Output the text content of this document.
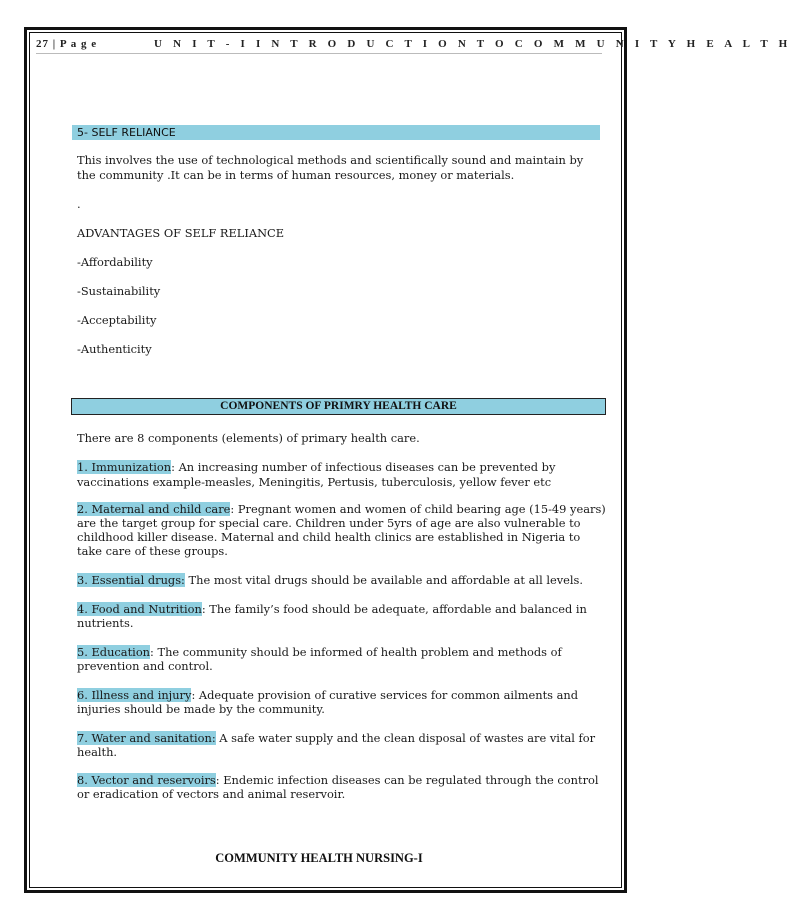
27 | P a g e	U N I T - I I N T R O D U C T I O N T O C O M M U N I T Y H E A L T H
5- SELF RELIANCE
This involves the use of technological methods and scientifically sound and maintain by
the community .It can be in terms of human resources, money or materials.
.
ADVANTAGES OF SELF RELIANCE
-Affordability
-Sustainability
-Acceptability
-Authenticity
COMPONENTS OF PRIMRY HEALTH CARE
There are 8 components (elements) of primary health care.
1. Immunization: An increasing number of infectious diseases can be prevented by
vaccinations example-measles, Meningitis, Pertusis, tuberculosis, yellow fever etc
2. Maternal and child care: Pregnant women and women of child bearing age (15-49 years)
are the target group for special care. Children under 5yrs of age are also vulnerable to
childhood killer disease. Maternal and child health clinics are established in Nigeria to
take care of these groups.
3. Essential drugs: The most vital drugs should be available and affordable at all levels.
4. Food and Nutrition: The family’s food should be adequate, affordable and balanced in
nutrients.
5. Education: The community should be informed of health problem and methods of
prevention and control.
6. Illness and injury: Adequate provision of curative services for common ailments and
injuries should be made by the community.
7. Water and sanitation: A safe water supply and the clean disposal of wastes are vital for
health.
8. Vector and reservoirs: Endemic infection diseases can be regulated through the control
or eradication of vectors and animal reservoir.
COMMUNITY HEALTH NURSING-I
